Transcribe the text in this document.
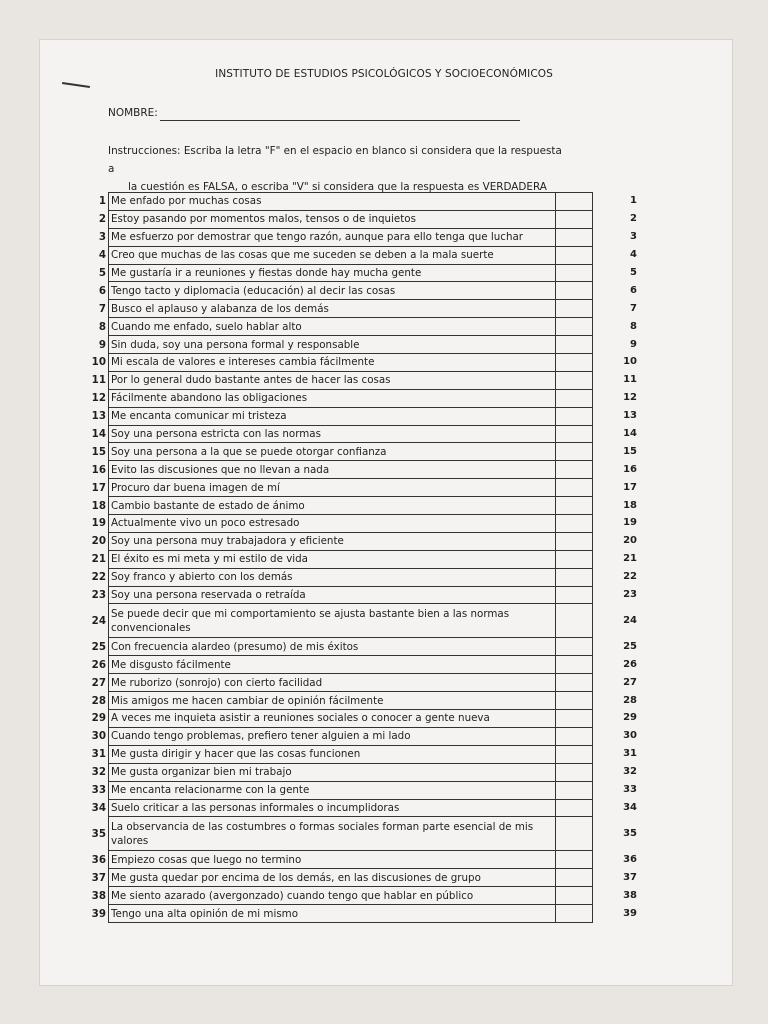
INSTITUTO DE ESTUDIOS PSICOLÓGICOS Y SOCIOECONÓMICOS
NOMBRE:
Instrucciones: Escriba la letra "F" en el espacio en blanco si considera que la respuesta a
la cuestión es FALSA, o escriba "V" si considera que la respuesta es VERDADERA
1	Me enfado por muchas cosas		1
2	Estoy pasando por momentos malos, tensos o de inquietos		2
3	Me esfuerzo por demostrar que tengo razón, aunque para ello tenga que luchar		3
4	Creo que muchas de las cosas que me suceden se deben a la mala suerte		4
5	Me gustaría ir a reuniones y fiestas donde hay mucha gente		5
6	Tengo tacto y diplomacia (educación) al decir las cosas		6
7	Busco el aplauso y alabanza de los demás		7
8	Cuando me enfado, suelo hablar alto		8
9	Sin duda, soy una persona formal y responsable		9
10	Mi escala de valores e intereses cambia fácilmente		10
11	Por lo general dudo bastante antes de hacer las cosas		11
12	Fácilmente abandono las obligaciones		12
13	Me encanta comunicar mi tristeza		13
14	Soy una persona estricta con las normas		14
15	Soy una persona a la que se puede otorgar confianza		15
16	Evito las discusiones que no llevan a nada		16
17	Procuro dar buena imagen de mí		17
18	Cambio bastante de estado de ánimo		18
19	Actualmente vivo un poco estresado		19
20	Soy una persona muy trabajadora y eficiente		20
21	El éxito es mi meta y mi estilo de vida		21
22	Soy franco y abierto con los demás		22
23	Soy una persona reservada o retraída		23
24	Se puede decir que mi comportamiento se ajusta bastante bien a las normas convencionales		24
25	Con frecuencia alardeo (presumo) de mis éxitos		25
26	Me disgusto fácilmente		26
27	Me ruborizo (sonrojo) con cierto facilidad		27
28	Mis amigos me hacen cambiar de opinión fácilmente		28
29	A veces me inquieta asistir a reuniones sociales o conocer a gente nueva		29
30	Cuando tengo problemas, prefiero tener alguien a mi lado		30
31	Me gusta dirigir y hacer que las cosas funcionen		31
32	Me gusta organizar bien mi trabajo		32
33	Me encanta relacionarme con la gente		33
34	Suelo criticar a las personas informales o incumplidoras		34
35	La observancia de las costumbres o formas sociales forman parte esencial de mis valores		35
36	Empiezo cosas que luego no termino		36
37	Me gusta quedar por encima de los demás, en las discusiones de grupo		37
38	Me siento azarado (avergonzado) cuando tengo que hablar en público		38
39	Tengo una alta opinión de mi mismo		39
